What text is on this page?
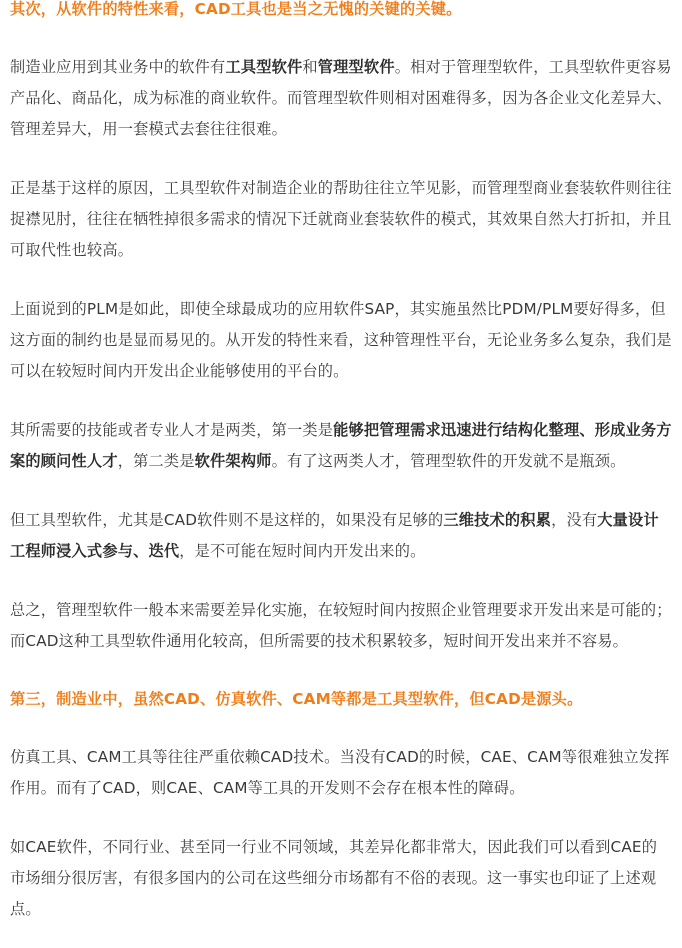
其次，从软件的特性来看，CAD工具也是当之无愧的关键的关键。

制造业应用到其业务中的软件有工具型软件和管理型软件。相对于管理型软件，工具型软件更容易产品化、商品化，成为标准的商业软件。而管理型软件则相对困难得多，因为各企业文化差异大、管理差异大，用一套模式去套往往很难。

正是基于这样的原因，工具型软件对制造企业的帮助往往立竿见影，而管理型商业套装软件则往往捉襟见肘，往往在牺牲掉很多需求的情况下迁就商业套装软件的模式，其效果自然大打折扣，并且可取代性也较高。

上面说到的PLM是如此，即使全球最成功的应用软件SAP，其实施虽然比PDM/PLM要好得多，但这方面的制约也是显而易见的。从开发的特性来看，这种管理性平台，无论业务多么复杂，我们是可以在较短时间内开发出企业能够使用的平台的。

其所需要的技能或者专业人才是两类，第一类是能够把管理需求迅速进行结构化整理、形成业务方案的顾问性人才，第二类是软件架构师。有了这两类人才，管理型软件的开发就不是瓶颈。

但工具型软件，尤其是CAD软件则不是这样的，如果没有足够的三维技术的积累，没有大量设计工程师浸入式参与、迭代，是不可能在短时间内开发出来的。

总之，管理型软件一般本来需要差异化实施，在较短时间内按照企业管理要求开发出来是可能的；而CAD这种工具型软件通用化较高，但所需要的技术积累较多，短时间开发出来并不容易。

第三，制造业中，虽然CAD、仿真软件、CAM等都是工具型软件，但CAD是源头。

仿真工具、CAM工具等往往严重依赖CAD技术。当没有CAD的时候，CAE、CAM等很难独立发挥作用。而有了CAD，则CAE、CAM等工具的开发则不会存在根本性的障碍。

如CAE软件，不同行业、甚至同一行业不同领域，其差异化都非常大，因此我们可以看到CAE的市场细分很厉害，有很多国内的公司在这些细分市场都有不俗的表现。这一事实也印证了上述观点。
